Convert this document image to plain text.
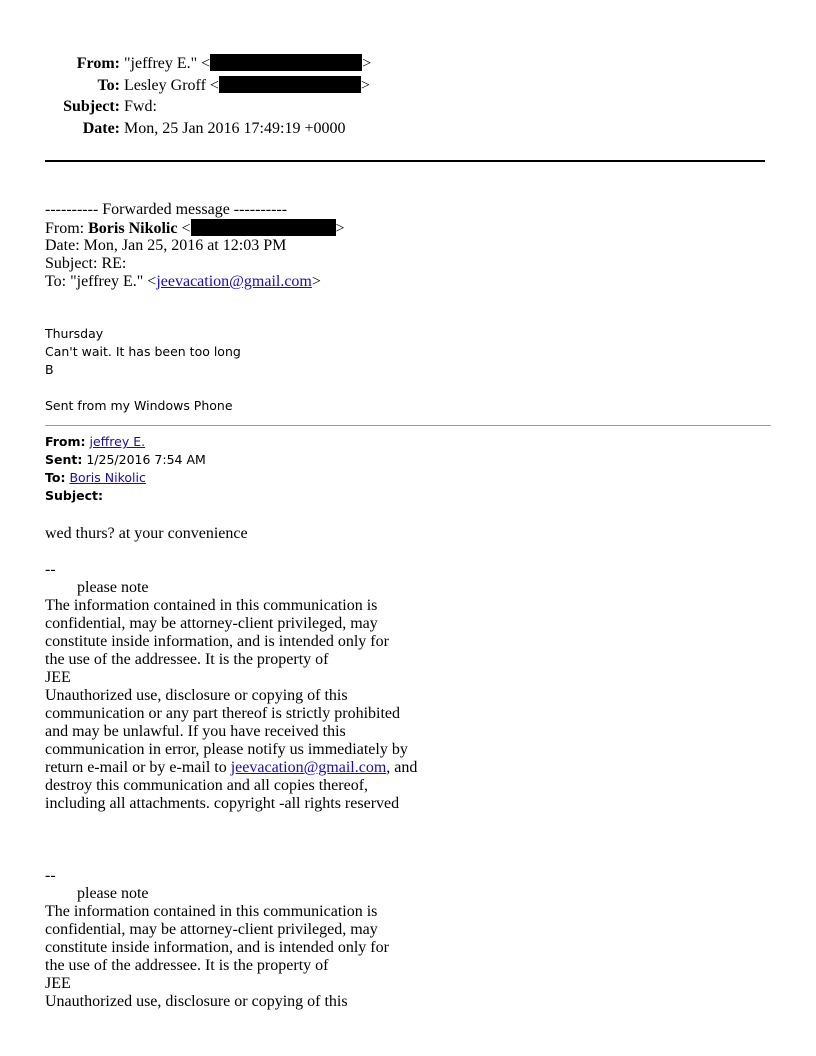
From: "jeffrey E." <	>
To: Lesley Groff <	>
Subject: Fwd:
Date: Mon, 25 Jan 2016 17:49:19 +0000
---------- Forwarded message ----------
From: Boris Nikolic <	>
Date: Mon, Jan 25, 2016 at 12:03 PM
Subject: RE:
To: "jeffrey E." <jeevacation@gmail.com>
Thursday
Can't wait. It has been too long
B
Sent from my Windows Phone
From: jeffrey E.
Sent: 1/25/2016 7:54 AM
To: Boris Nikolic
Subject:
wed thurs? at your convenience
--
please note
The information contained in this communication is
confidential, may be attorney-client privileged, may
constitute inside information, and is intended only for
the use of the addressee. It is the property of
JEE
Unauthorized use, disclosure or copying of this
communication or any part thereof is strictly prohibited
and may be unlawful. If you have received this
communication in error, please notify us immediately by
return e-mail or by e-mail to jeevacation@gmail.com, and
destroy this communication and all copies thereof,
including all attachments. copyright -all rights reserved
--
please note
The information contained in this communication is
confidential, may be attorney-client privileged, may
constitute inside information, and is intended only for
the use of the addressee. It is the property of
JEE
Unauthorized use, disclosure or copying of this
